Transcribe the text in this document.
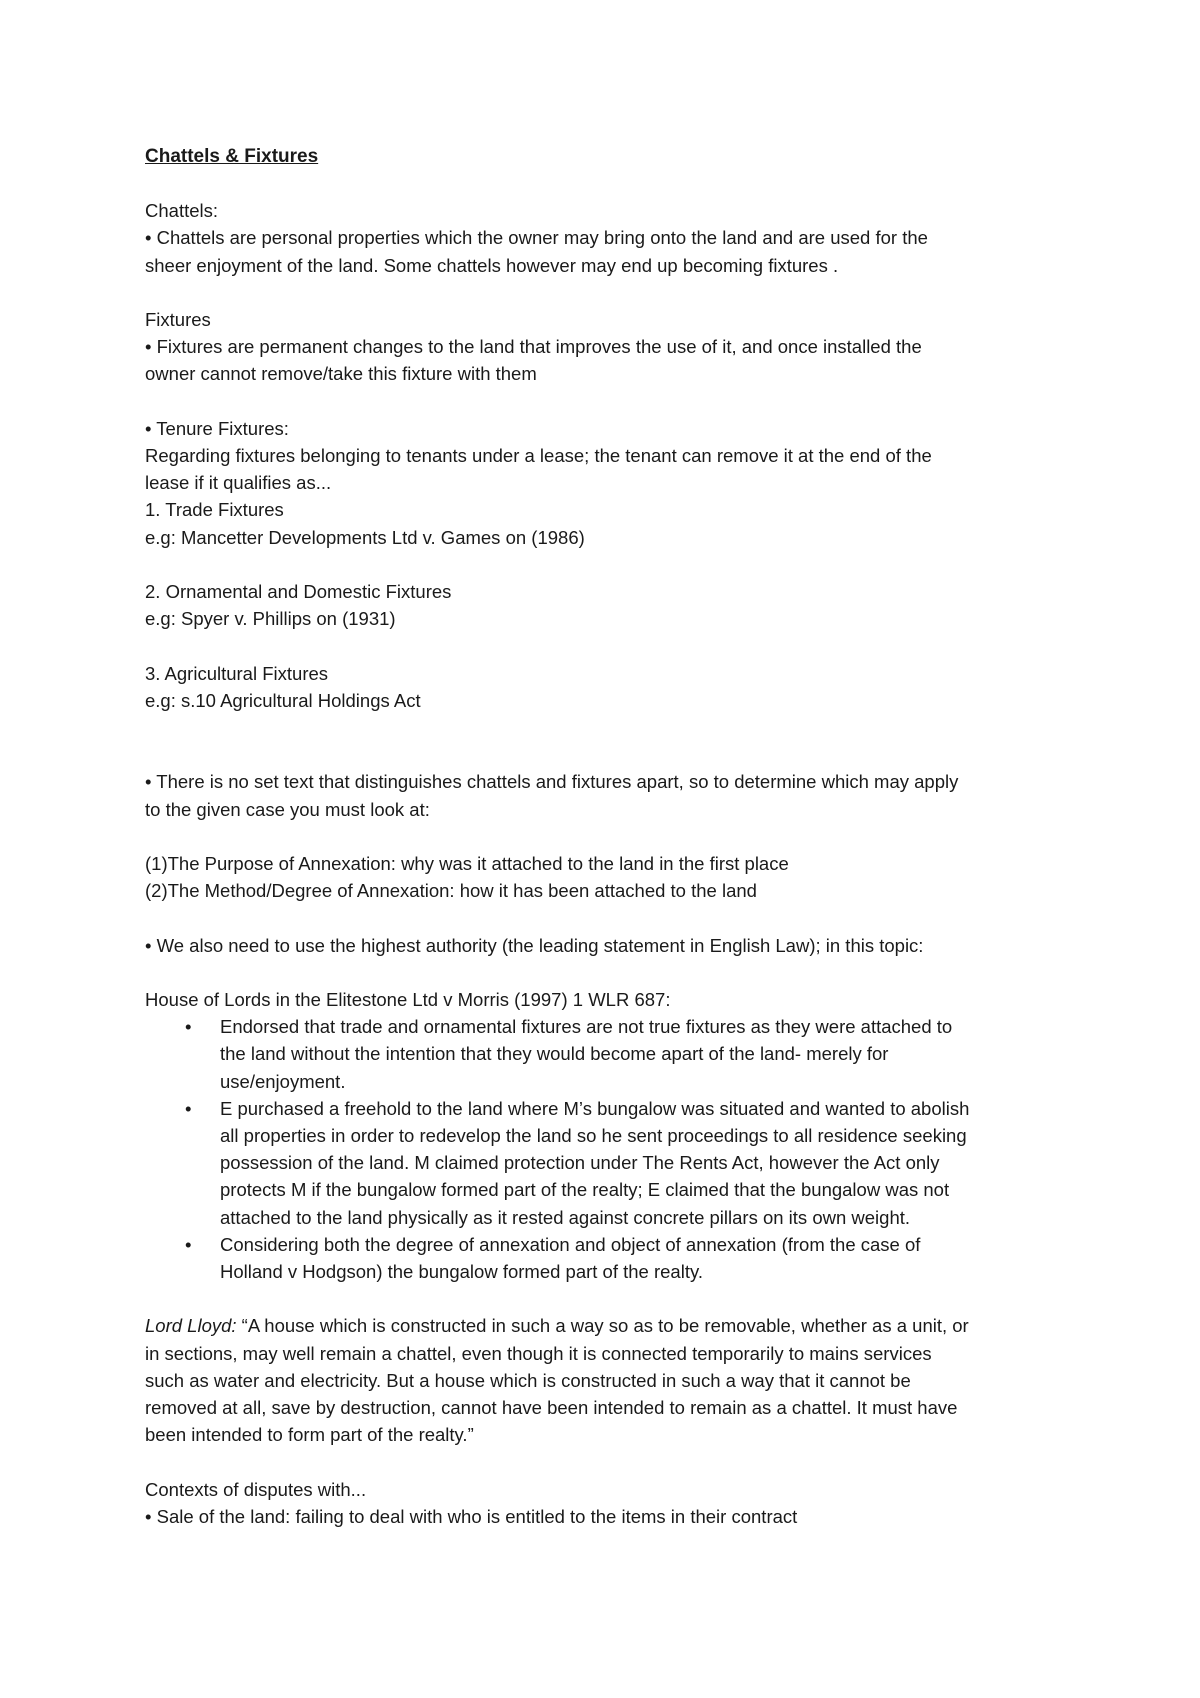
Chattels & Fixtures

Chattels:

• Chattels are personal properties which the owner may bring onto the land and are used for the

sheer enjoyment of the land. Some chattels however may end up becoming fixtures .

Fixtures

• Fixtures are permanent changes to the land that improves the use of it, and once installed the

owner cannot remove/take this fixture with them

• Tenure Fixtures:

Regarding fixtures belonging to tenants under a lease; the tenant can remove it at the end of the

lease if it qualifies as...

1. Trade Fixtures

e.g: Mancetter Developments Ltd v. Games on (1986)

2. Ornamental and Domestic Fixtures

e.g: Spyer v. Phillips on (1931)

3. Agricultural Fixtures

e.g: s.10 Agricultural Holdings Act

• There is no set text that distinguishes chattels and fixtures apart, so to determine which may apply

to the given case you must look at:

(1)The Purpose of Annexation: why was it attached to the land in the first place

(2)The Method/Degree of Annexation: how it has been attached to the land

• We also need to use the highest authority (the leading statement in English Law); in this topic:

House of Lords in the Elitestone Ltd v Morris (1997) 1 WLR 687:

• Endorsed that trade and ornamental fixtures are not true fixtures as they were attached to
the land without the intention that they would become apart of the land- merely for
use/enjoyment.
• E purchased a freehold to the land where M’s bungalow was situated and wanted to abolish
all properties in order to redevelop the land so he sent proceedings to all residence seeking
possession of the land. M claimed protection under The Rents Act, however the Act only
protects M if the bungalow formed part of the realty; E claimed that the bungalow was not
attached to the land physically as it rested against concrete pillars on its own weight.
• Considering both the degree of annexation and object of annexation (from the case of
Holland v Hodgson) the bungalow formed part of the realty.

Lord Lloyd: “A house which is constructed in such a way so as to be removable, whether as a unit, or

in sections, may well remain a chattel, even though it is connected temporarily to mains services

such as water and electricity. But a house which is constructed in such a way that it cannot be

removed at all, save by destruction, cannot have been intended to remain as a chattel. It must have

been intended to form part of the realty.”

Contexts of disputes with...

• Sale of the land: failing to deal with who is entitled to the items in their contract
